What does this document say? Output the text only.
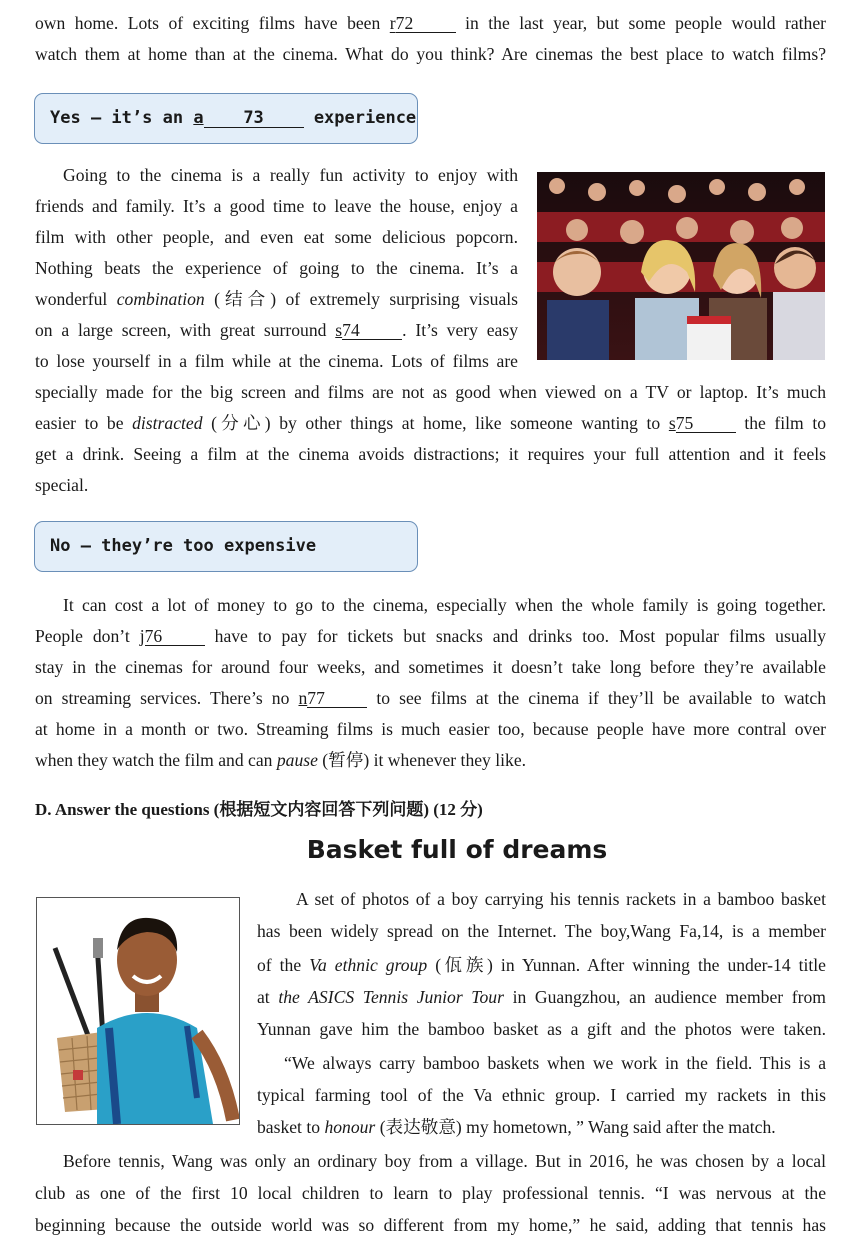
own home. Lots of exciting films have been r72	in the last year, but some people would rather
watch them at home than at the cinema. What do you think? Are cinemas the best place to watch films?
Yes – it’s an a 73	experience
Going to the cinema is a really fun activity to enjoy with
friends and family. It’s a good time to leave the house, enjoy a
film with other people, and even eat some delicious popcorn.
Nothing beats the experience of going to the cinema. It’s a
wonderful combination (结合) of extremely surprising visuals
on a large screen, with great surround s74 . It’s very easy
to lose yourself in a film while at the cinema. Lots of films are
specially made for the big screen and films are not as good when viewed on a TV or laptop. It’s much
easier to be distracted (分心) by other things at home, like someone wanting to s75	the film to
get a drink. Seeing a film at the cinema avoids distractions; it requires your full attention and it feels
special.
No – they’re too expensive
It can cost a lot of money to go to the cinema, especially when the whole family is going together.
People don’t j76	have to pay for tickets but snacks and drinks too. Most popular films usually
stay in the cinemas for around four weeks, and sometimes it doesn’t take long before they’re available
on streaming services. There’s no n77	to see films at the cinema if they’ll be available to watch
at home in a month or two. Streaming films is much easier too, because people have more contral over
when they watch the film and can pause (暂停) it whenever they like.
D. Answer the questions (根据短文内容回答下列问题) (12 分)
Basket full of dreams
A set of photos of a boy carrying his tennis rackets in a bamboo basket
has been widely spread on the Internet. The boy,Wang Fa,14, is a member
of the Va ethnic group (佤族) in Yunnan. After winning the under-14 title
at the ASICS Tennis Junior Tour in Guangzhou, an audience member from
Yunnan gave him the bamboo basket as a gift and the photos were taken.
“We always carry bamboo baskets when we work in the field. This is a
typical farming tool of the Va ethnic group. I carried my rackets in this
basket to honour (表达敬意) my hometown, ” Wang said after the match.
Before tennis, Wang was only an ordinary boy from a village. But in 2016, he was chosen by a local
club as one of the first 10 local children to learn to play professional tennis. “I was nervous at the
beginning because the outside world was so different from my home,” he said, adding that tennis has
